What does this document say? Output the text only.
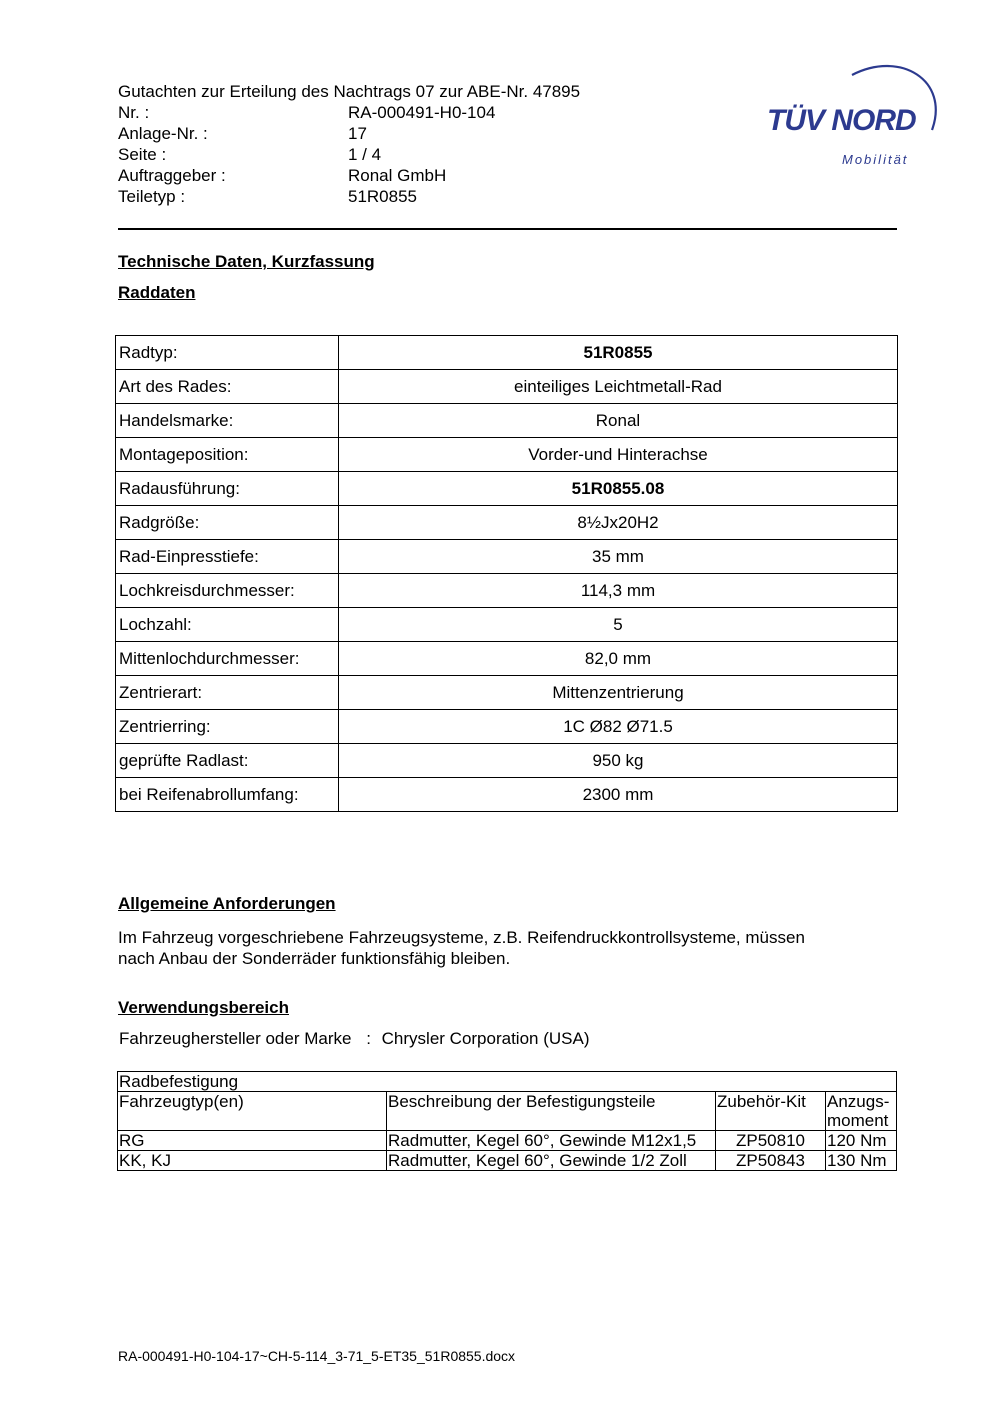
Gutachten zur Erteilung des Nachtrags 07 zur ABE-Nr. 47895
Nr. :	RA-000491-H0-104
Anlage-Nr. :	17
Seite :	1 / 4
Auftraggeber :	Ronal GmbH
Teiletyp :	51R0855
TÜV NORD
Mobilität
Technische Daten, Kurzfassung
Raddaten
Radtyp:	51R0855
Art des Rades:	einteiliges Leichtmetall-Rad
Handelsmarke:	Ronal
Montageposition:	Vorder-und Hinterachse
Radausführung:	51R0855.08
Radgröße:	8½Jx20H2
Rad-Einpresstiefe:	35 mm
Lochkreisdurchmesser:	114,3 mm
Lochzahl:	5
Mittenlochdurchmesser:	82,0 mm
Zentrierart:	Mittenzentrierung
Zentrierring:	1C Ø82 Ø71.5
geprüfte Radlast:	950 kg
bei Reifenabrollumfang:	2300 mm
Allgemeine Anforderungen
Im Fahrzeug vorgeschriebene Fahrzeugsysteme, z.B. Reifendruckkontrollsysteme, müssen
nach Anbau der Sonderräder funktionsfähig bleiben.
Verwendungsbereich
Fahrzeughersteller oder Marke : Chrysler Corporation (USA)
Radbefestigung			
Fahrzeugtyp(en)	Beschreibung der Befestigungsteile	Zubehör-Kit	Anzugs-
moment
RG	Radmutter, Kegel 60°, Gewinde M12x1,5	ZP50810	120 Nm
KK, KJ	Radmutter, Kegel 60°, Gewinde 1/2 Zoll	ZP50843	130 Nm
RA-000491-H0-104-17~CH-5-114_3-71_5-ET35_51R0855.docx
